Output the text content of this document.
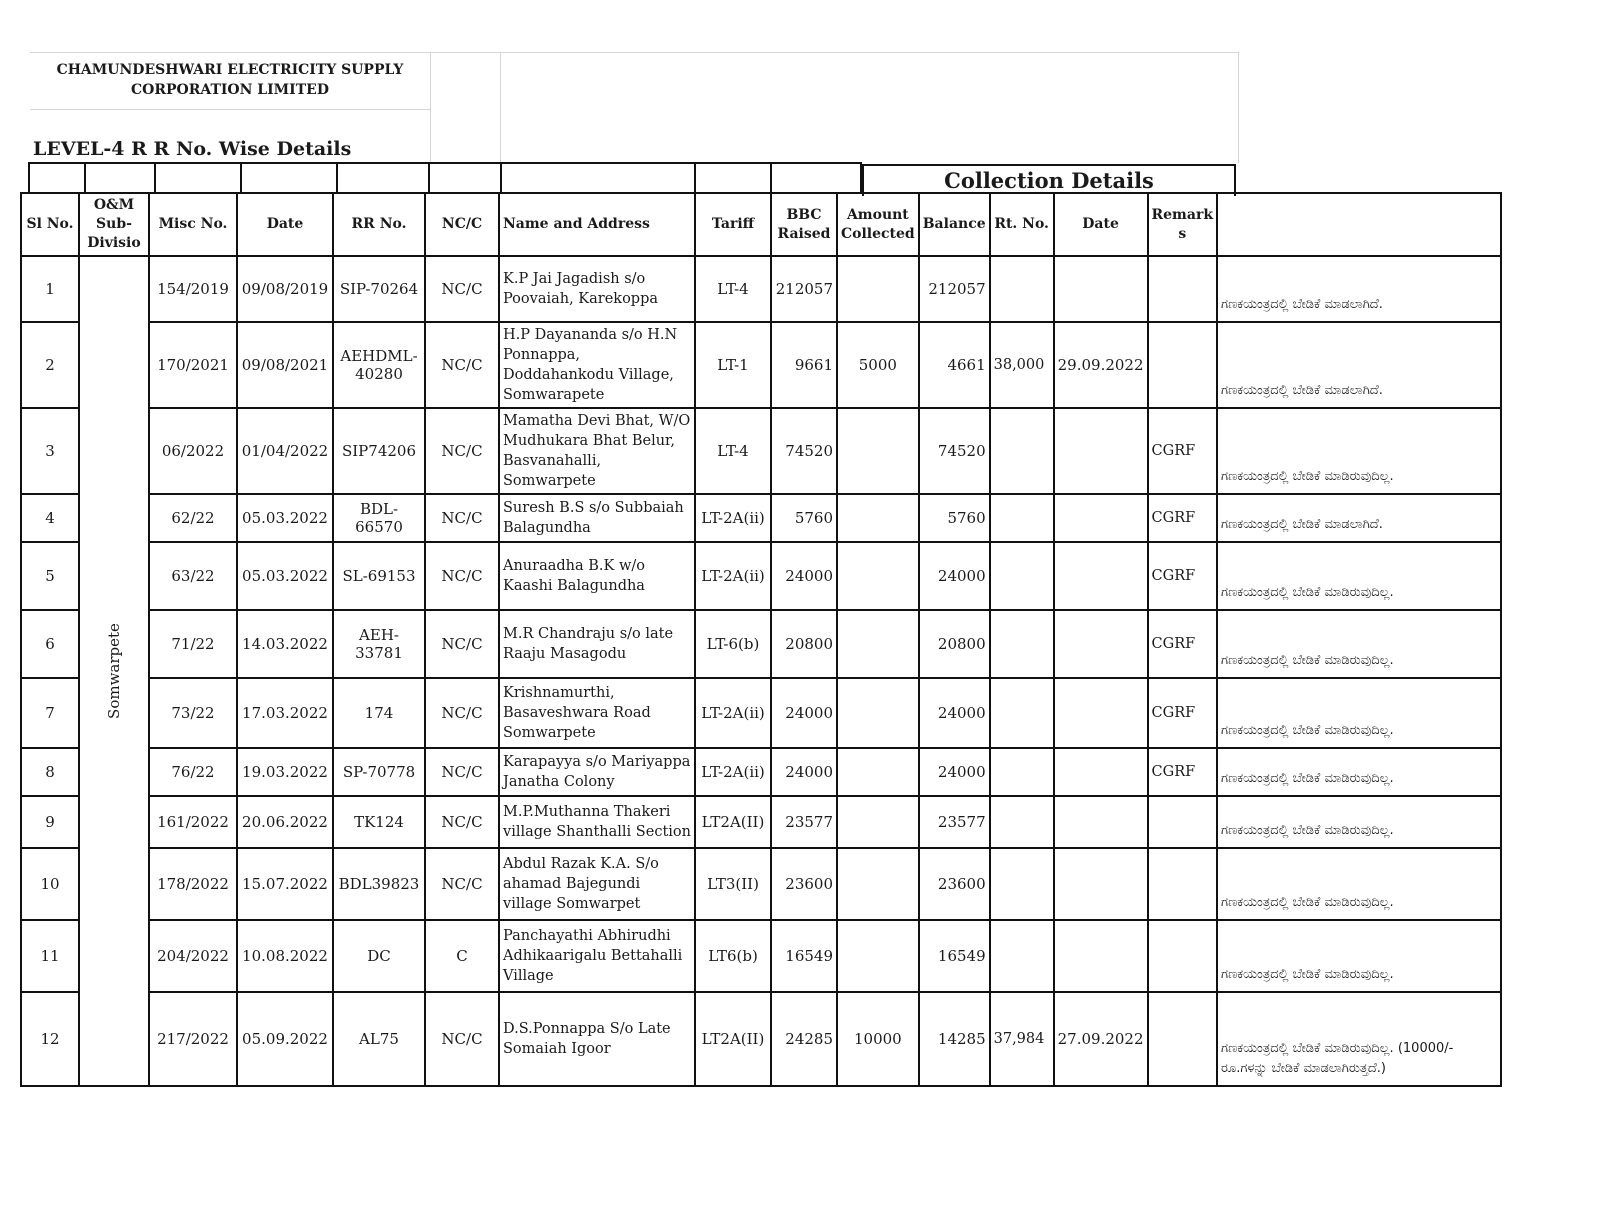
CHAMUNDESHWARI ELECTRICITY SUPPLY CORPORATION LIMITED
LEVEL-4 R R No. Wise Details
Collection Details
Sl No.	O&M Sub-Divisio	Misc No.	Date	RR No.	NC/C	Name and Address	Tariff	BBC Raised	Amount Collected	Balance	Rt. No.	Date	Remark s	
1	Somwarpete	154/2019	09/08/2019	SIP-70264	NC/C	K.P Jai Jagadish s/o Poovaiah, Karekoppa	LT-4	212057		212057				ಗಣಕಯಂತ್ರದಲ್ಲಿ ಬೇಡಿಕೆ ಮಾಡಲಾಗಿದೆ.
2		170/2021	09/08/2021	AEHDML-40280	NC/C	H.P Dayananda s/o H.N Ponnappa, Doddahankodu Village, Somwarapete	LT-1	9661	5000	4661	38,000	29.09.2022		ಗಣಕಯಂತ್ರದಲ್ಲಿ ಬೇಡಿಕೆ ಮಾಡಲಾಗಿದೆ.
3		06/2022	01/04/2022	SIP74206	NC/C	Mamatha Devi Bhat, W/O Mudhukara Bhat Belur, Basvanahalli, Somwarpete	LT-4	74520		74520			CGRF	ಗಣಕಯಂತ್ರದಲ್ಲಿ ಬೇಡಿಕೆ ಮಾಡಿರುವುದಿಲ್ಲ.
4		62/22	05.03.2022	BDL-66570	NC/C	Suresh B.S s/o Subbaiah Balagundha	LT-2A(ii)	5760		5760			CGRF	ಗಣಕಯಂತ್ರದಲ್ಲಿ ಬೇಡಿಕೆ ಮಾಡಲಾಗಿದೆ.
5		63/22	05.03.2022	SL-69153	NC/C	Anuraadha B.K w/o Kaashi Balagundha	LT-2A(ii)	24000		24000			CGRF	ಗಣಕಯಂತ್ರದಲ್ಲಿ ಬೇಡಿಕೆ ಮಾಡಿರುವುದಿಲ್ಲ.
6		71/22	14.03.2022	AEH-33781	NC/C	M.R Chandraju s/o late Raaju Masagodu	LT-6(b)	20800		20800			CGRF	ಗಣಕಯಂತ್ರದಲ್ಲಿ ಬೇಡಿಕೆ ಮಾಡಿರುವುದಿಲ್ಲ.
7		73/22	17.03.2022	174	NC/C	Krishnamurthi, Basaveshwara Road Somwarpete	LT-2A(ii)	24000		24000			CGRF	ಗಣಕಯಂತ್ರದಲ್ಲಿ ಬೇಡಿಕೆ ಮಾಡಿರುವುದಿಲ್ಲ.
8		76/22	19.03.2022	SP-70778	NC/C	Karapayya s/o Mariyappa Janatha Colony	LT-2A(ii)	24000		24000			CGRF	ಗಣಕಯಂತ್ರದಲ್ಲಿ ಬೇಡಿಕೆ ಮಾಡಿರುವುದಿಲ್ಲ.
9		161/2022	20.06.2022	TK124	NC/C	M.P.Muthanna Thakeri village Shanthalli Section	LT2A(II)	23577		23577				ಗಣಕಯಂತ್ರದಲ್ಲಿ ಬೇಡಿಕೆ ಮಾಡಿರುವುದಿಲ್ಲ.
10		178/2022	15.07.2022	BDL39823	NC/C	Abdul Razak K.A. S/o ahamad Bajegundi village Somwarpet	LT3(II)	23600		23600				ಗಣಕಯಂತ್ರದಲ್ಲಿ ಬೇಡಿಕೆ ಮಾಡಿರುವುದಿಲ್ಲ.
11		204/2022	10.08.2022	DC	C	Panchayathi Abhirudhi Adhikaarigalu Bettahalli Village	LT6(b)	16549		16549				ಗಣಕಯಂತ್ರದಲ್ಲಿ ಬೇಡಿಕೆ ಮಾಡಿರುವುದಿಲ್ಲ.
12		217/2022	05.09.2022	AL75	NC/C	D.S.Ponnappa S/o Late Somaiah Igoor	LT2A(II)	24285	10000	14285	37,984	27.09.2022		ಗಣಕಯಂತ್ರದಲ್ಲಿ ಬೇಡಿಕೆ ಮಾಡಿರುವುದಿಲ್ಲ. (10000/- ರೂ.ಗಳನ್ನು ಬೇಡಿಕೆ ಮಾಡಲಾಗಿರುತ್ತದೆ.)
